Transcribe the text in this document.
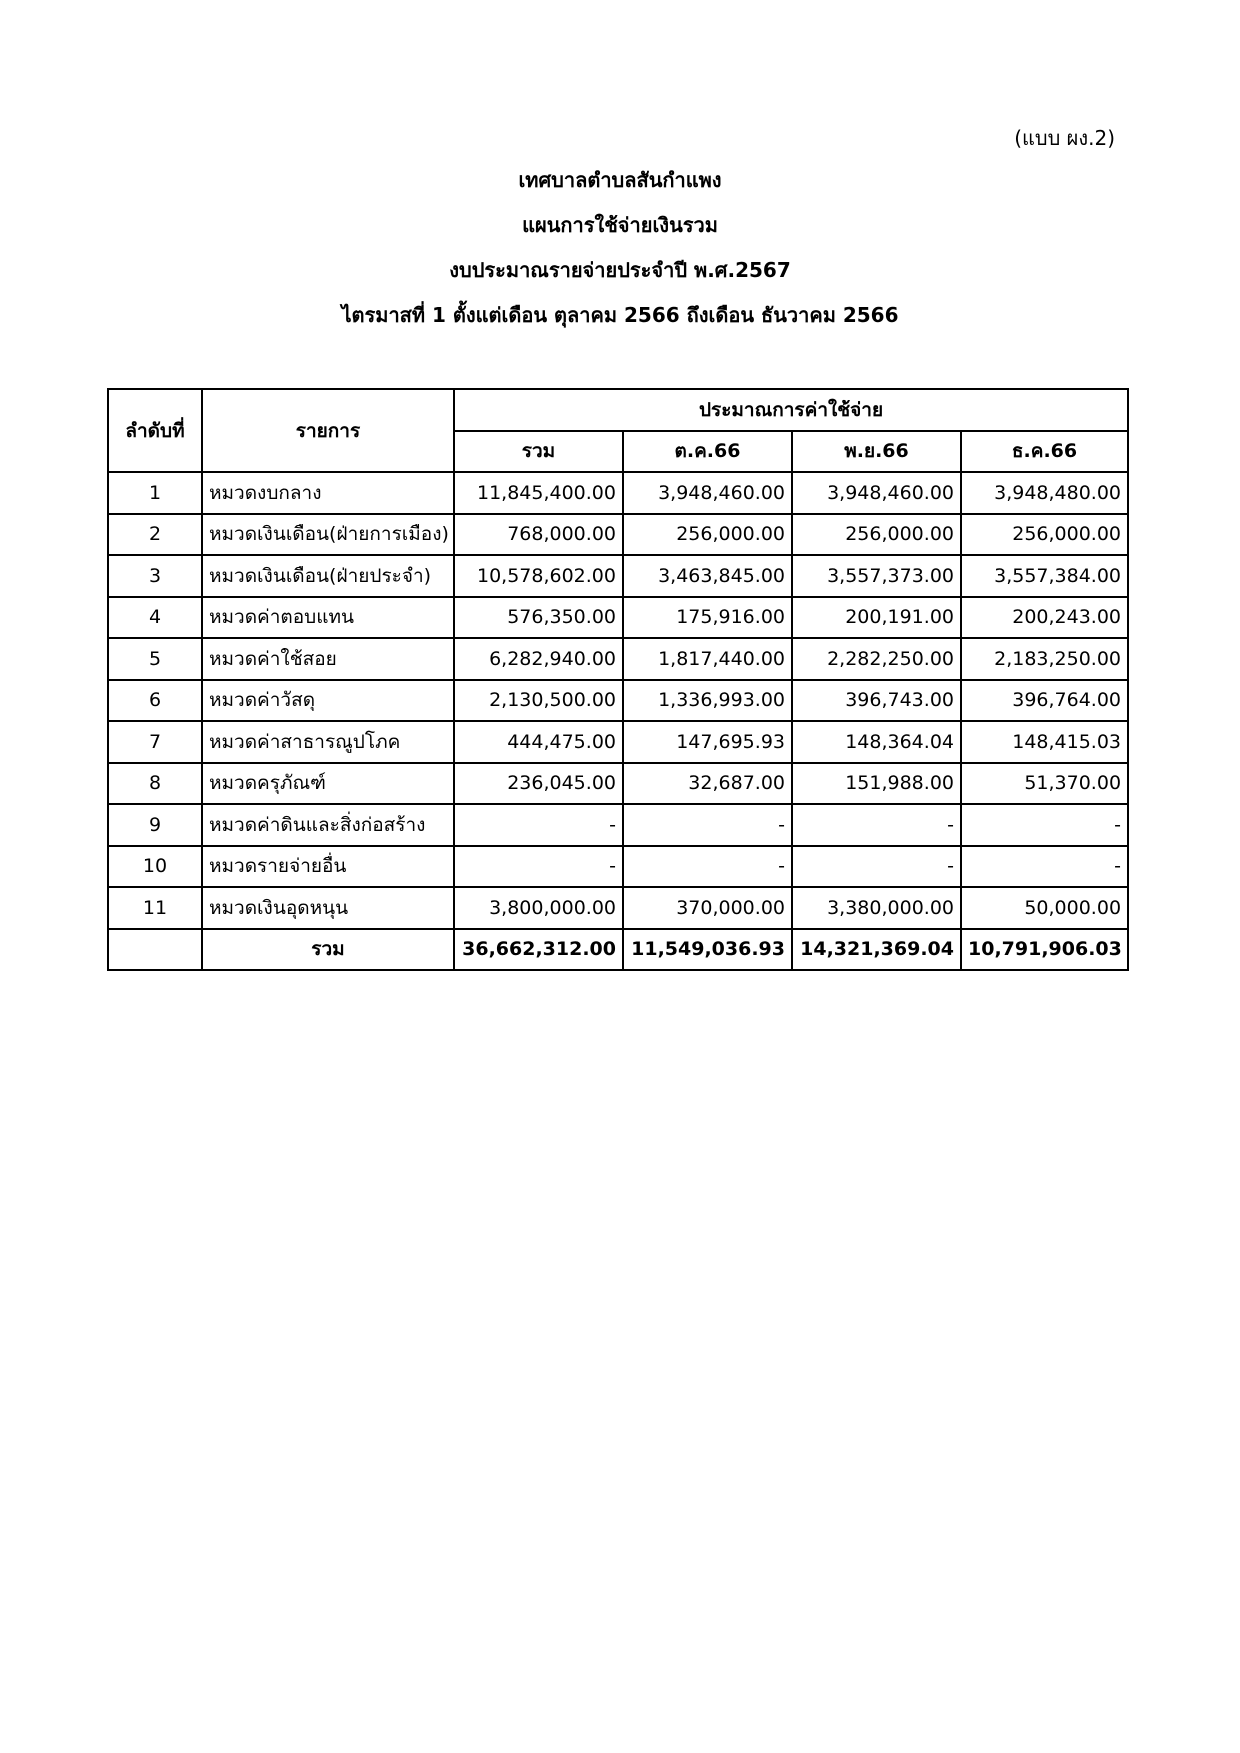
(แบบ ผง.2)
เทศบาลตำบลสันกำแพง
แผนการใช้จ่ายเงินรวม
งบประมาณรายจ่ายประจำปี พ.ศ.2567
ไตรมาสที่ 1 ตั้งแต่เดือน ตุลาคม 2566 ถึงเดือน ธันวาคม 2566
ลำดับที่	รายการ	ประมาณการค่าใช้จ่าย			
		รวม	ต.ค.66	พ.ย.66	ธ.ค.66
1	หมวดงบกลาง	11,845,400.00	3,948,460.00	3,948,460.00	3,948,480.00
2	หมวดเงินเดือน(ฝ่ายการเมือง)	768,000.00	256,000.00	256,000.00	256,000.00
3	หมวดเงินเดือน(ฝ่ายประจำ)	10,578,602.00	3,463,845.00	3,557,373.00	3,557,384.00
4	หมวดค่าตอบแทน	576,350.00	175,916.00	200,191.00	200,243.00
5	หมวดค่าใช้สอย	6,282,940.00	1,817,440.00	2,282,250.00	2,183,250.00
6	หมวดค่าวัสดุ	2,130,500.00	1,336,993.00	396,743.00	396,764.00
7	หมวดค่าสาธารณูปโภค	444,475.00	147,695.93	148,364.04	148,415.03
8	หมวดครุภัณฑ์	236,045.00	32,687.00	151,988.00	51,370.00
9	หมวดค่าดินและสิ่งก่อสร้าง	-	-	-	-
10	หมวดรายจ่ายอื่น	-	-	-	-
11	หมวดเงินอุดหนุน	3,800,000.00	370,000.00	3,380,000.00	50,000.00
	รวม	36,662,312.00	11,549,036.93	14,321,369.04	10,791,906.03
